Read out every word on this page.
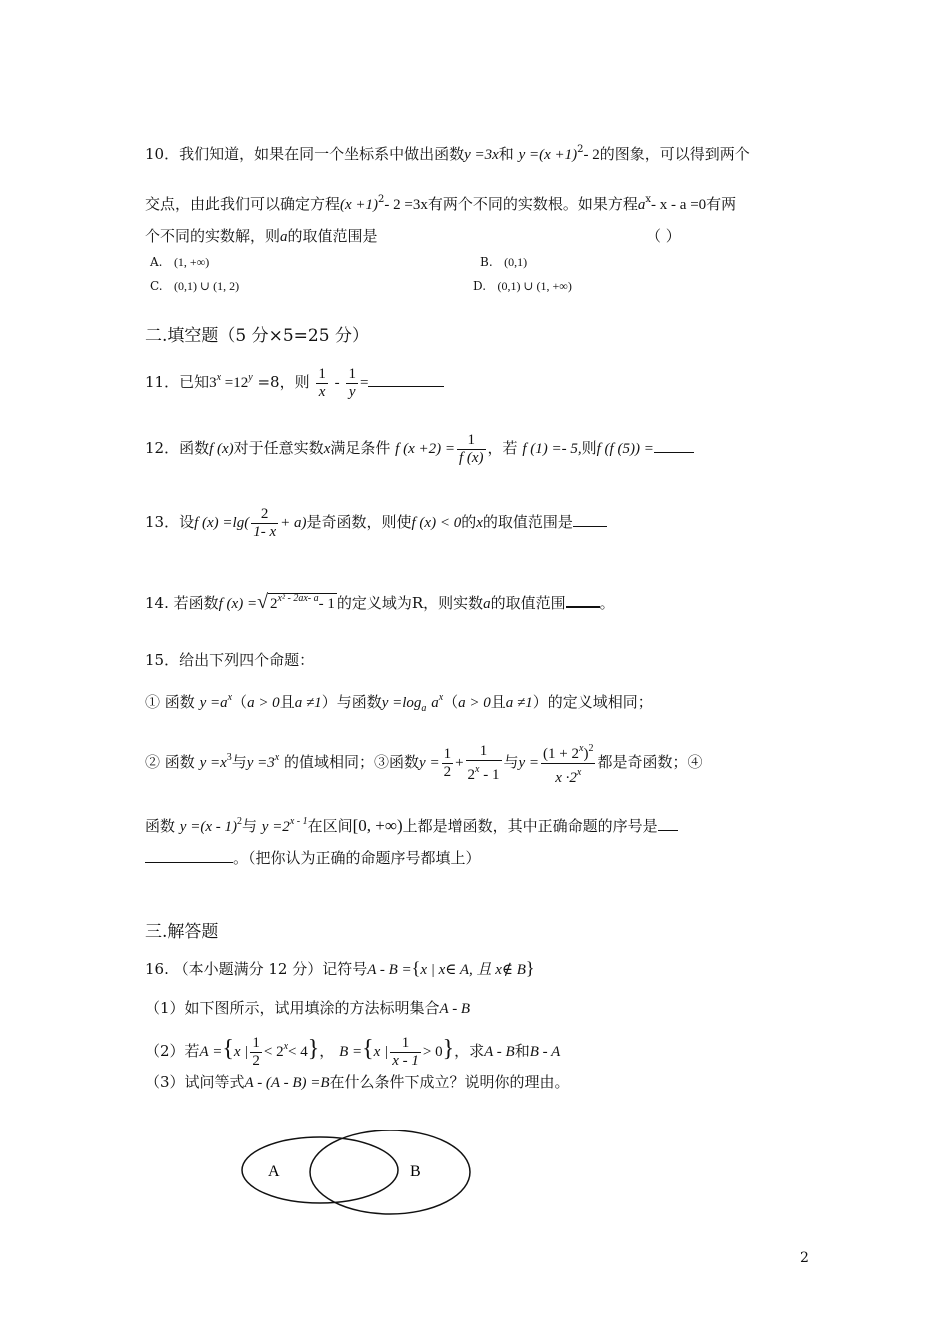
10．我们知道，如果在同一个坐标系中做出函数y =3x和 $y =(x +1)^2-$ 2的图象，可以得到两个
交点，由此我们可以确定方程$(x +1)^2-$ 2 =3x有两个不同的实数根。如果方程$a^x-$ x - a =0有两
个不同的实数解，则a的取值范围是	（ ）
A. (1, +∞)	B. (0,1)
C. (0,1) ∪ (1, 2)	D. (0,1) ∪ (1, +∞)
二.填空题（5 分×5=25 分）
11．已知$3^x =12^y =8$，则 $\frac{1}{x} - \frac{1}{y}$ =
12．函数f (x)对于任意实数x满足条件 f $(x +2) = \frac{1}{f (x)}$ ，若 f (1) =- 5,则f (f (5)) =
13．设f $(x) =\lg( \frac{2}{1- x} + a)$是奇函数，则使f (x) < 0的x的取值范围是
14. 若函数f (x) =√ $2^{x^2 - 2ax- a}-$ 1 的定义域为R，则实数a的取值范围 。
15．给出下列四个命题：
① 函数 $y =a^x(a > 0$且a ≠1）与函数$y =\log_a$ $a^x(a > 0$且a ≠1）的定义域相同；
② 函数 $y =x^3$与$y =3^x$ 的值域相同；③函数$y = \frac{1}{2} + \frac{1}{2^x - 1}$ 与$y = \frac{(1 + 2^x)^2}{x \cdot 2^x}$ 都是奇函数；④
函数 y =(x - 1)$^2$与 $y =2^{x - 1}$在区间[0, +∞)上都是增函数，其中正确命题的序号是
。（把你认为正确的命题序号都填上）
三.解答题
16. （本小题满分 12 分）记符号A - B ={x | x∈ A, 且 x∉ B}
（1）如下图所示，试用填涂的方法标明集合A - B
（2）若A ={x | $\frac{1}{2} < 2^x< 4$}， B ={x | $\frac{1}{x - 1} > 0$}，求A - B和B - A
（3）试问等式A - (A - B) =B在什么条件下成立？说明你的理由。
A	B
2
